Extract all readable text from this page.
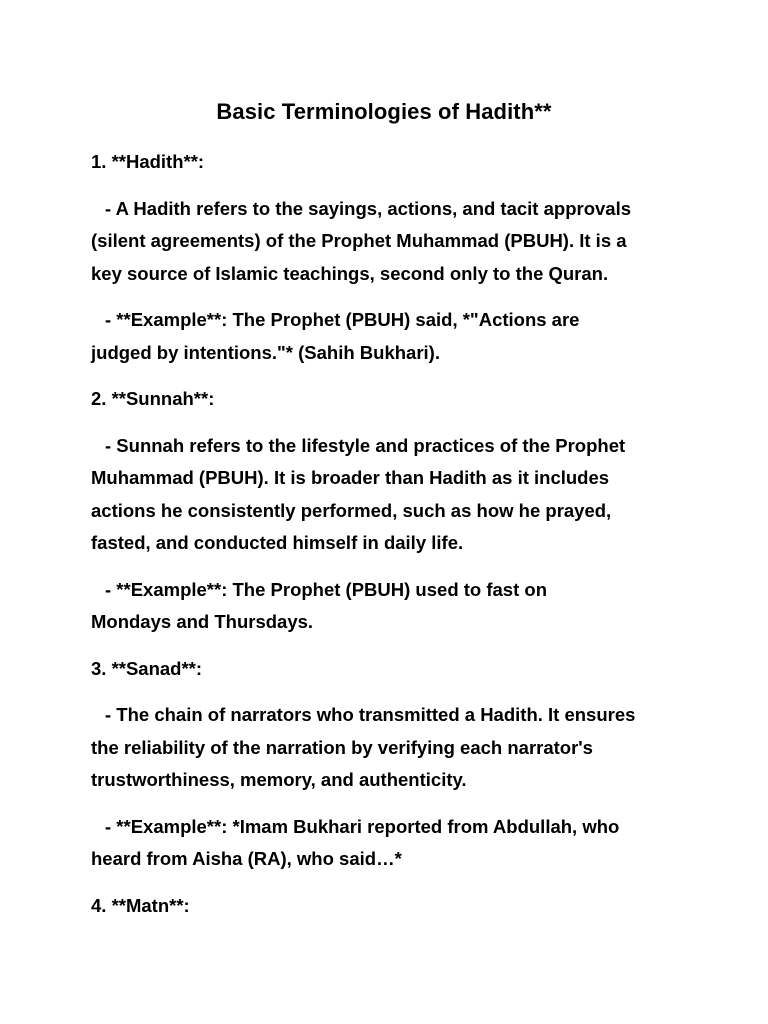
Basic Terminologies of Hadith**
1. **Hadith**:
- A Hadith refers to the sayings, actions, and tacit approvals
(silent agreements) of the Prophet Muhammad (PBUH). It is a
key source of Islamic teachings, second only to the Quran.
- **Example**: The Prophet (PBUH) said, *"Actions are
judged by intentions."* (Sahih Bukhari).
2. **Sunnah**:
- Sunnah refers to the lifestyle and practices of the Prophet
Muhammad (PBUH). It is broader than Hadith as it includes
actions he consistently performed, such as how he prayed,
fasted, and conducted himself in daily life.
- **Example**: The Prophet (PBUH) used to fast on
Mondays and Thursdays.
3. **Sanad**:
- The chain of narrators who transmitted a Hadith. It ensures
the reliability of the narration by verifying each narrator's
trustworthiness, memory, and authenticity.
- **Example**: *Imam Bukhari reported from Abdullah, who
heard from Aisha (RA), who said…*
4. **Matn**:
